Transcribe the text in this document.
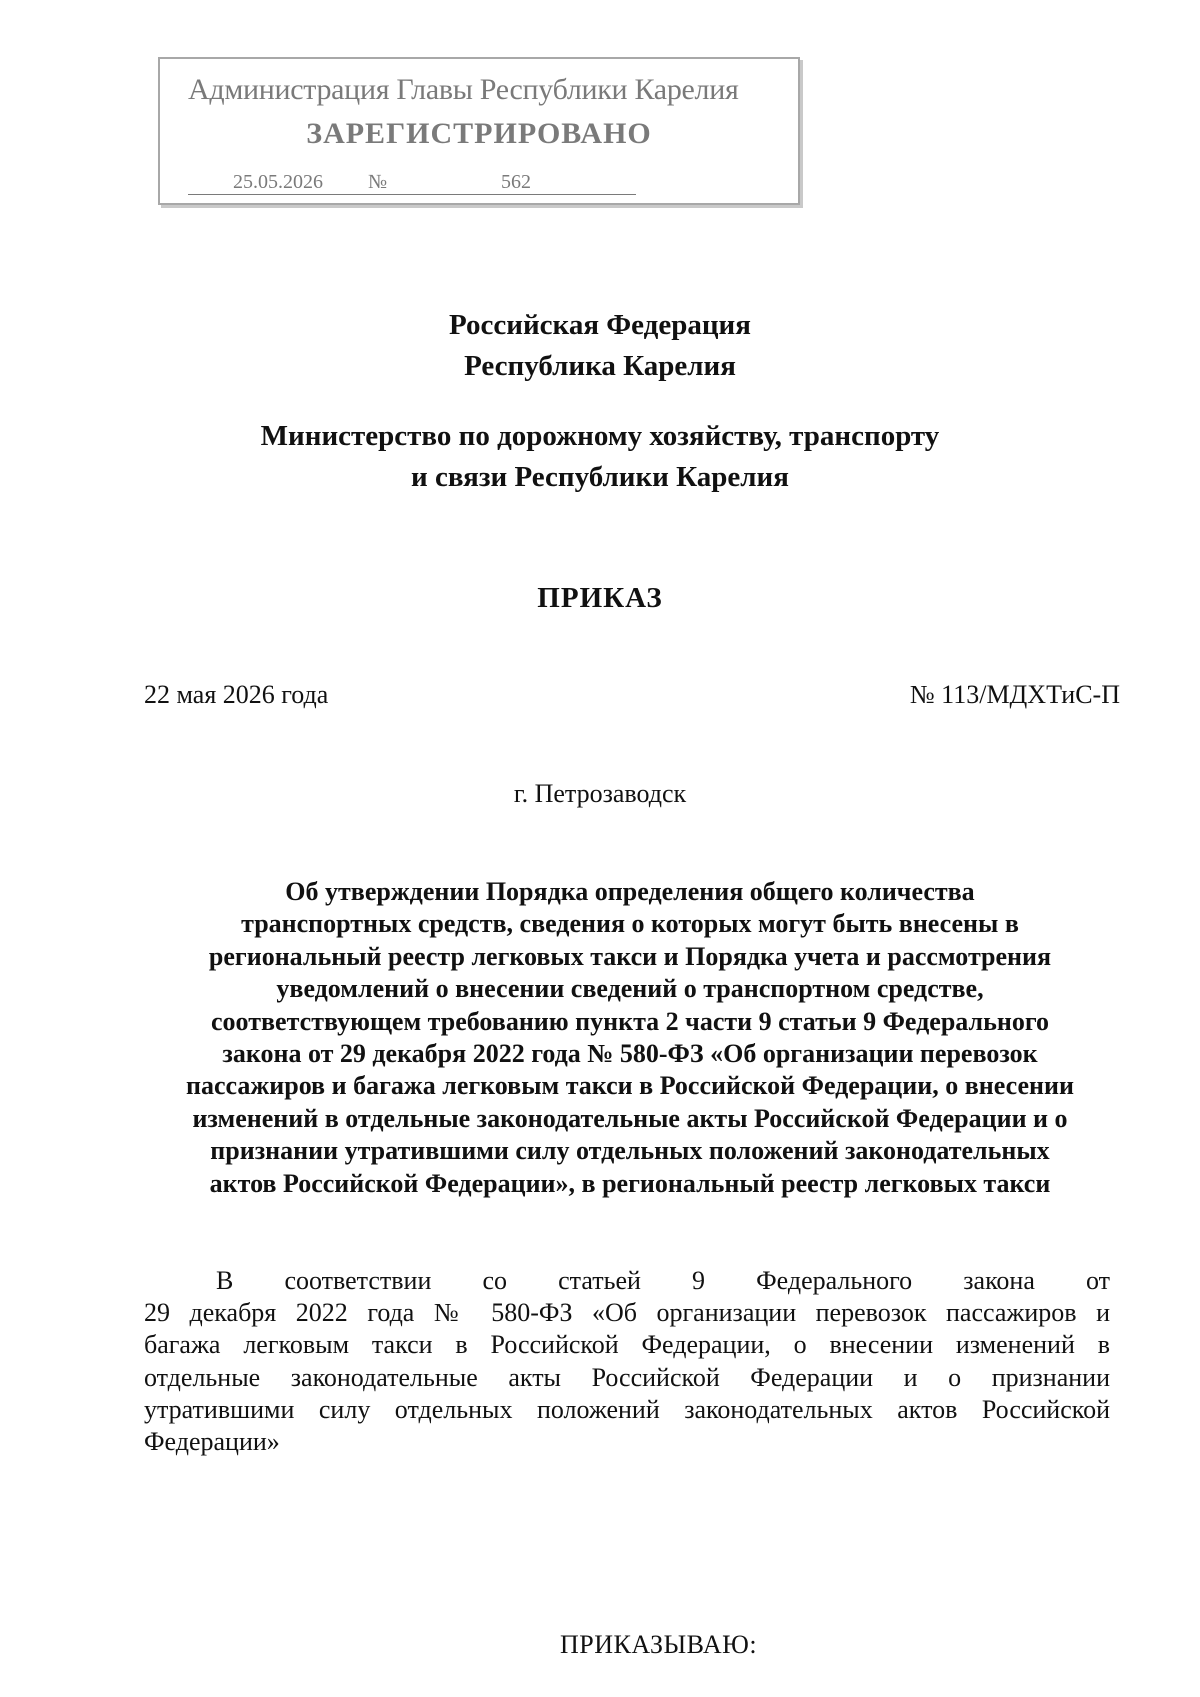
Администрация Главы Республики Карелия
ЗАРЕГИСТРИРОВАНО
25.05.2026 №	562
Российская Федерация
Республика Карелия
Министерство по дорожному хозяйству, транспорту
и связи Республики Карелия
ПРИКАЗ
22 мая 2026 года	№ 113/МДХТиС-П
г. Петрозаводск
Об утверждении Порядка определения общего количества
транспортных средств, сведения о которых могут быть внесены в
региональный реестр легковых такси и Порядка учета и рассмотрения
уведомлений о внесении сведений о транспортном средстве,
соответствующем требованию пункта 2 части 9 статьи 9 Федерального
закона от 29 декабря 2022 года № 580-ФЗ «Об организации перевозок
пассажиров и багажа легковым такси в Российской Федерации, о внесении
изменений в отдельные законодательные акты Российской Федерации и о
признании утратившими силу отдельных положений законодательных
актов Российской Федерации», в региональный реестр легковых такси
В соответствии со статьей 9 Федерального закона от
29 декабря 2022 года № 580-ФЗ «Об организации перевозок пассажиров и
багажа легковым такси в Российской Федерации, о внесении изменений в
отдельные законодательные акты Российской Федерации и о признании
утратившими силу отдельных положений законодательных актов Российской
Федерации»
ПРИКАЗЫВАЮ:
